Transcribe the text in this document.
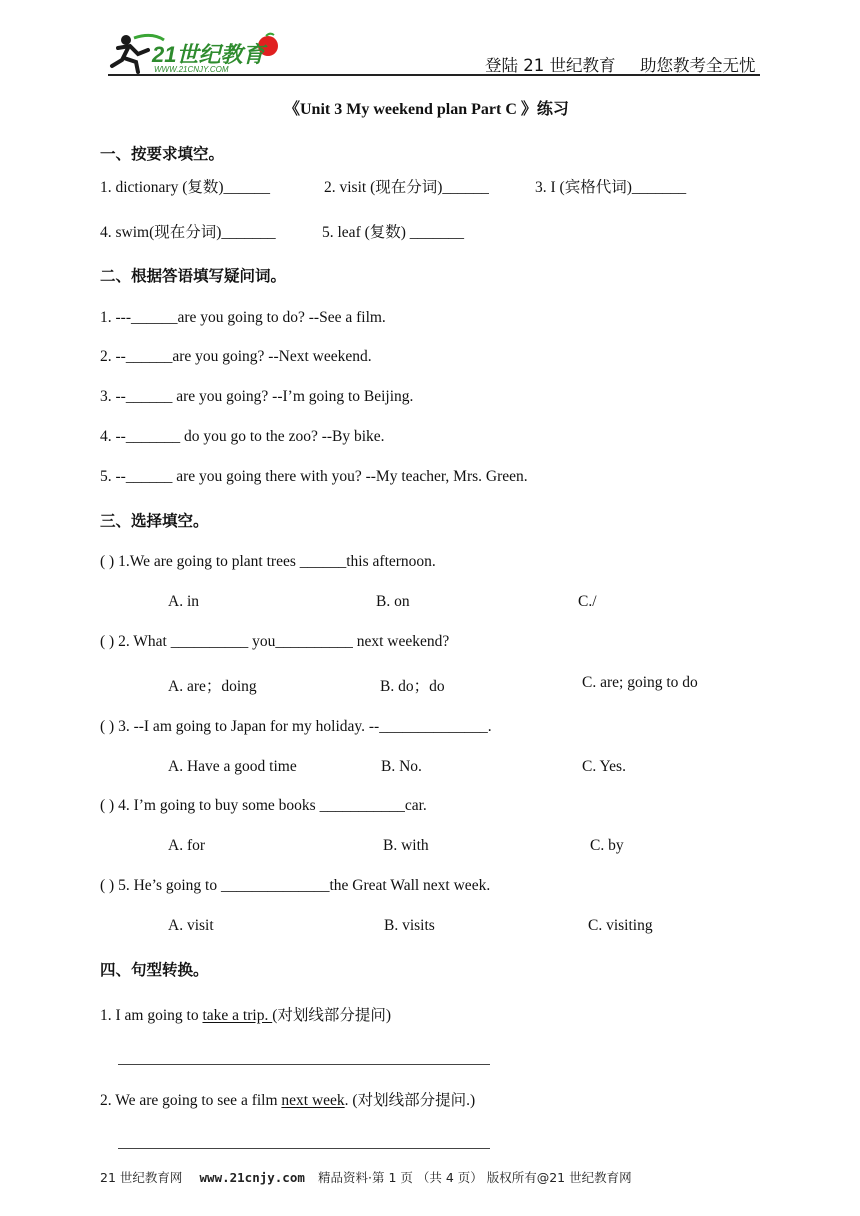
21世纪教育
WWW.21CNJY.COM	登陆 21 世纪教育 助您教考全无忧
《Unit 3 My weekend plan Part C 》练习
一、按要求填空。
1. dictionary (复数)______	2. visit (现在分词)______	3. I (宾格代词)_______
4. swim(现在分词)_______	5. leaf (复数) _______
二、根据答语填写疑问词。
1. ---______are you going to do? --See a film.
2. --______are you going? --Next weekend.
3. --______ are you going? --I’m going to Beijing.
4. --_______ do you go to the zoo? --By bike.
5. --______ are you going there with you? --My teacher, Mrs. Green.
三、选择填空。
( ) 1.We are going to plant trees ______this afternoon.
A. in	B. on	C./
( ) 2. What __________ you__________ next weekend?
A. are；doing	B. do；do	C. are; going to do
( ) 3. --I am going to Japan for my holiday. --______________.
A. Have a good time	B. No.	C. Yes.
( ) 4. I’m going to buy some books ___________car.
A. for	B. with	C. by
( ) 5. He’s going to ______________the Great Wall next week.
A. visit	B. visits	C. visiting
四、句型转换。
1. I am going to take a trip. (对划线部分提问)
2. We are going to see a film next week. (对划线部分提问.)
21 世纪教育网 www.21cnjy.com 精品资料·第 1 页 （共 4 页） 版权所有@21 世纪教育网
